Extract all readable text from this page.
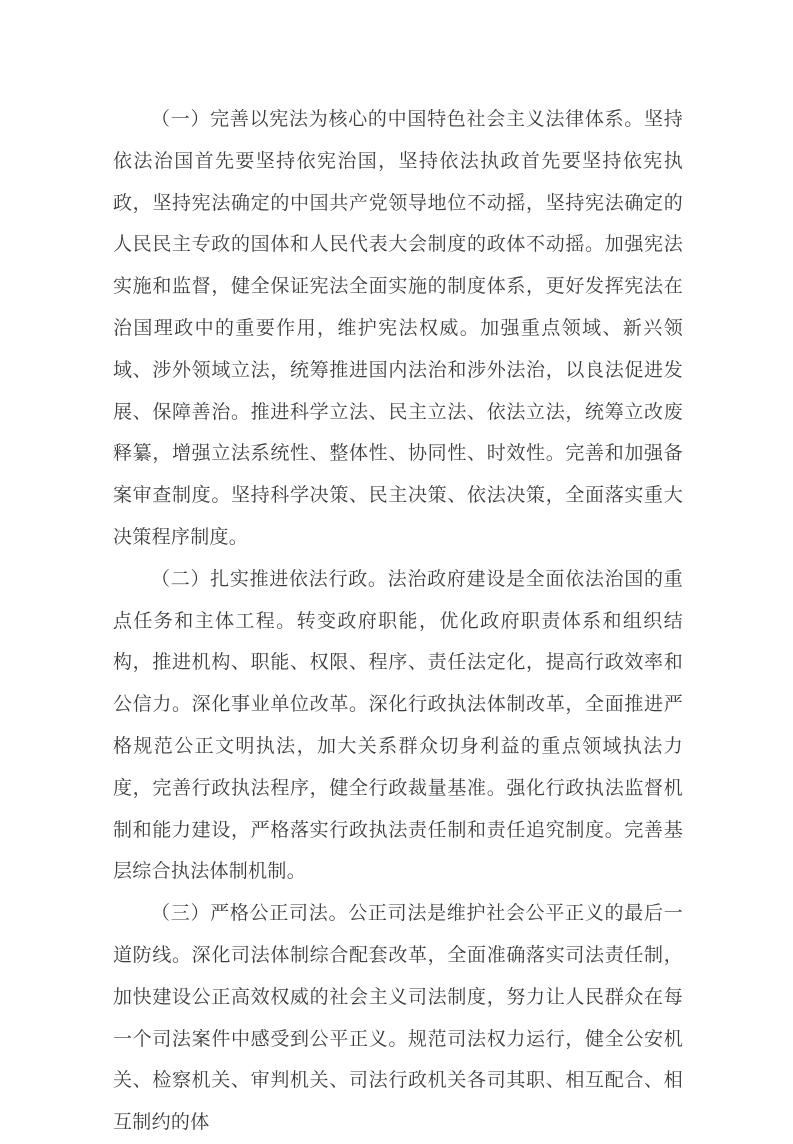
（一）完善以宪法为核心的中国特色社会主义法律体系。坚持依法治国首先要坚持依宪治国，坚持依法执政首先要坚持依宪执政，坚持宪法确定的中国共产党领导地位不动摇，坚持宪法确定的人民民主专政的国体和人民代表大会制度的政体不动摇。加强宪法实施和监督，健全保证宪法全面实施的制度体系，更好发挥宪法在治国理政中的重要作用，维护宪法权威。加强重点领域、新兴领域、涉外领域立法，统筹推进国内法治和涉外法治，以良法促进发展、保障善治。推进科学立法、民主立法、依法立法，统筹立改废释纂，增强立法系统性、整体性、协同性、时效性。完善和加强备案审查制度。坚持科学决策、民主决策、依法决策，全面落实重大决策程序制度。

（二）扎实推进依法行政。法治政府建设是全面依法治国的重点任务和主体工程。转变政府职能，优化政府职责体系和组织结构，推进机构、职能、权限、程序、责任法定化，提高行政效率和公信力。深化事业单位改革。深化行政执法体制改革，全面推进严格规范公正文明执法，加大关系群众切身利益的重点领域执法力度，完善行政执法程序，健全行政裁量基准。强化行政执法监督机制和能力建设，严格落实行政执法责任制和责任追究制度。完善基层综合执法体制机制。

（三）严格公正司法。公正司法是维护社会公平正义的最后一道防线。深化司法体制综合配套改革，全面准确落实司法责任制，加快建设公正高效权威的社会主义司法制度，努力让人民群众在每一个司法案件中感受到公平正义。规范司法权力运行，健全公安机关、检察机关、审判机关、司法行政机关各司其职、相互配合、相互制约的体
